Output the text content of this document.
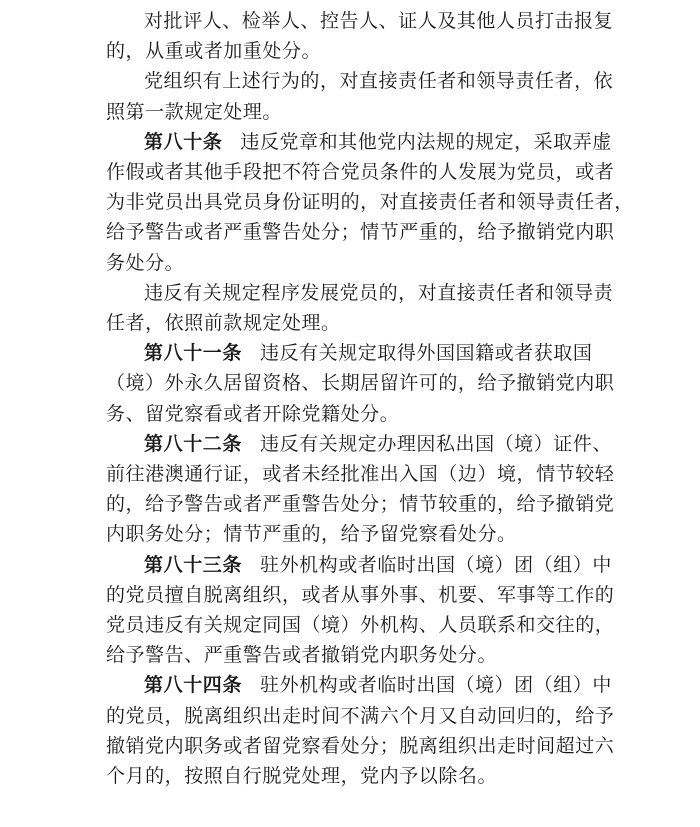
对批评人、检举人、控告人、证人及其他人员打击报复
的，从重或者加重处分。
党组织有上述行为的，对直接责任者和领导责任者，依
照第一款规定处理。
第八十条 违反党章和其他党内法规的规定，采取弄虚
作假或者其他手段把不符合党员条件的人发展为党员，或者
为非党员出具党员身份证明的，对直接责任者和领导责任者，
给予警告或者严重警告处分；情节严重的，给予撤销党内职
务处分。
违反有关规定程序发展党员的，对直接责任者和领导责
任者，依照前款规定处理。
第八十一条 违反有关规定取得外国国籍或者获取国
（境）外永久居留资格、长期居留许可的，给予撤销党内职
务、留党察看或者开除党籍处分。
第八十二条 违反有关规定办理因私出国（境）证件、
前往港澳通行证，或者未经批准出入国（边）境，情节较轻
的，给予警告或者严重警告处分；情节较重的，给予撤销党
内职务处分；情节严重的，给予留党察看处分。
第八十三条 驻外机构或者临时出国（境）团（组）中
的党员擅自脱离组织，或者从事外事、机要、军事等工作的
党员违反有关规定同国（境）外机构、人员联系和交往的，
给予警告、严重警告或者撤销党内职务处分。
第八十四条 驻外机构或者临时出国（境）团（组）中
的党员，脱离组织出走时间不满六个月又自动回归的，给予
撤销党内职务或者留党察看处分；脱离组织出走时间超过六
个月的，按照自行脱党处理，党内予以除名。
